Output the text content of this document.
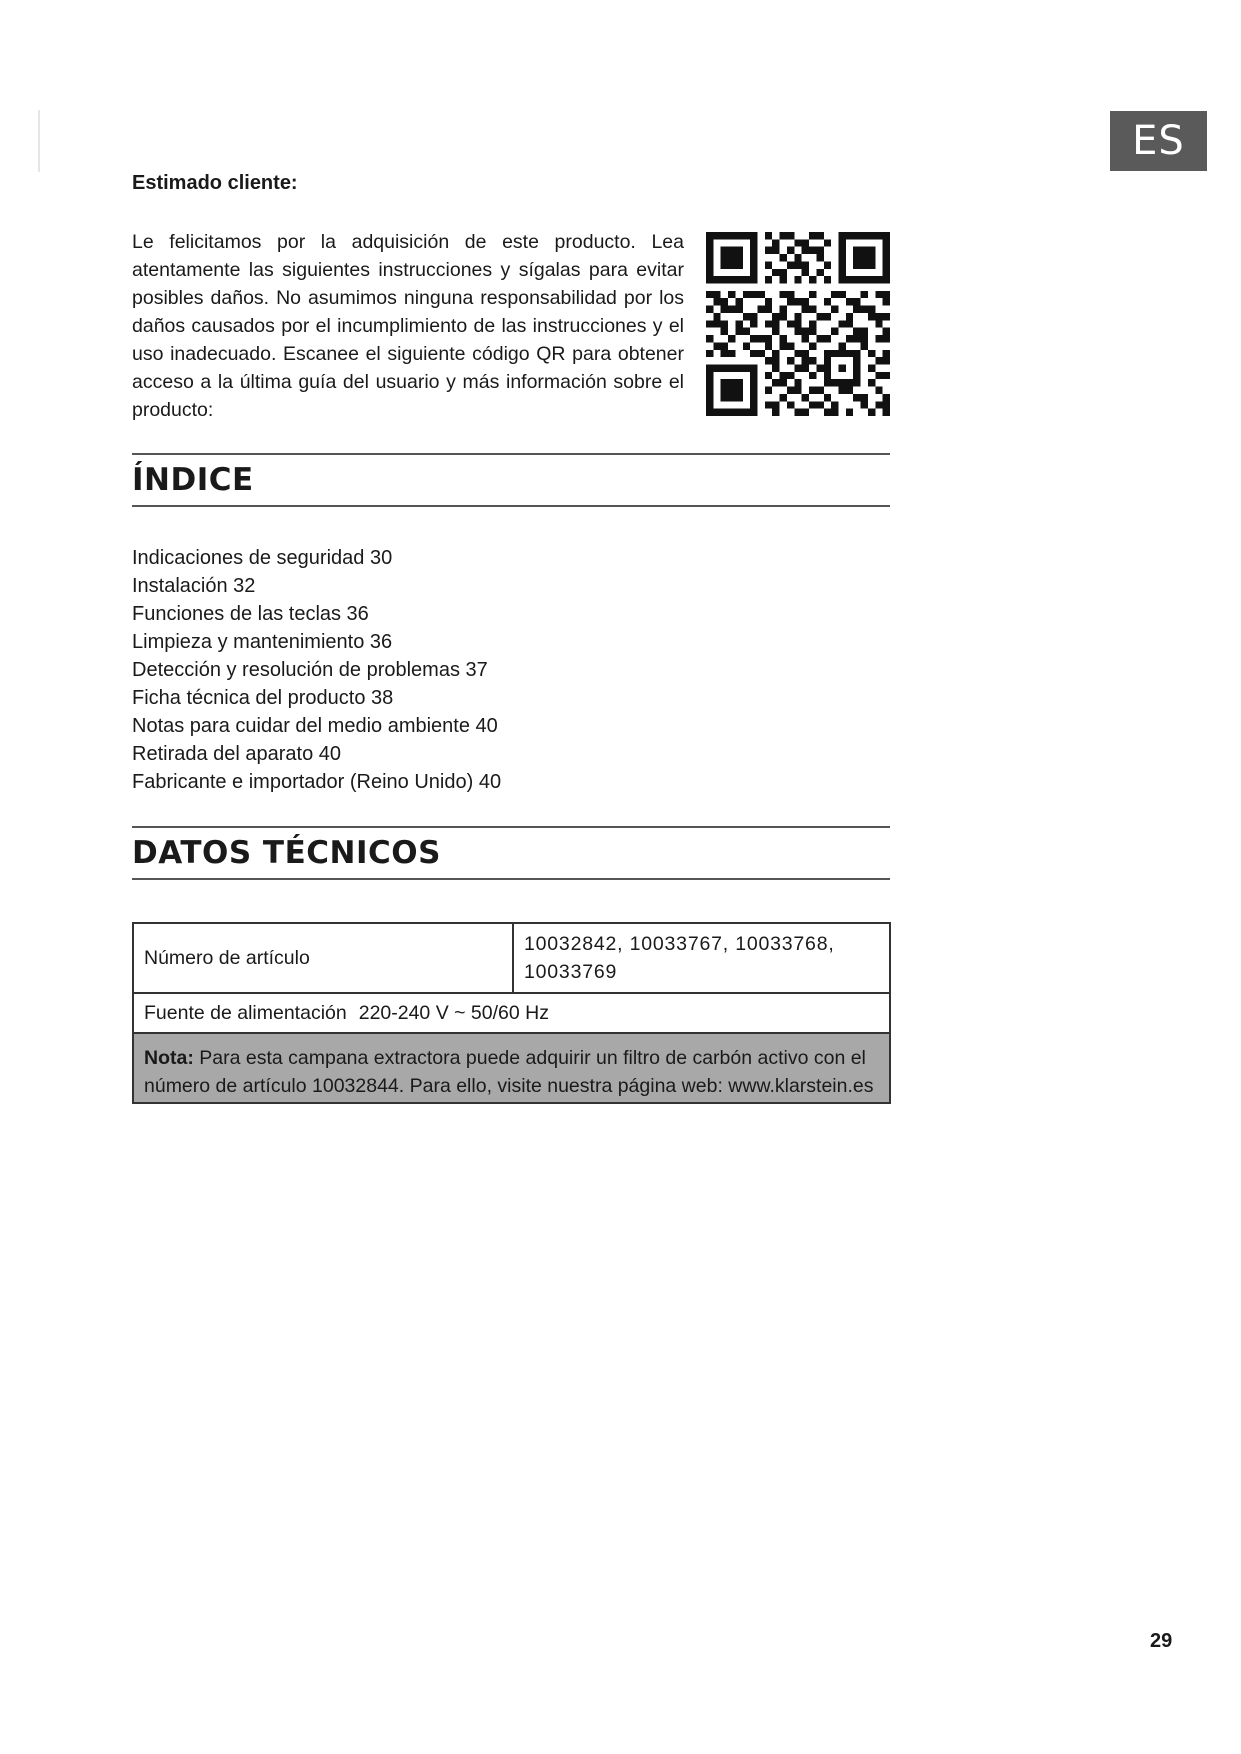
ES
Estimado cliente:

Le felicitamos por la adquisición de este producto. Lea atentamente las siguientes instrucciones y sígalas para evitar posibles daños. No asumimos ninguna responsabilidad por los daños causados por el incumplimiento de las instrucciones y el uso inadecuado. Escanee el siguiente código QR para obtener acceso a la última guía del usuario y más información sobre el producto:

ÍNDICE
Indicaciones de seguridad 30
Instalación 32
Funciones de las teclas 36
Limpieza y mantenimiento 36
Detección y resolución de problemas 37
Ficha técnica del producto 38
Notas para cuidar del medio ambiente 40
Retirada del aparato 40
Fabricante e importador (Reino Unido) 40
DATOS TÉCNICOS
Número de artículo	10032842, 10033767, 10033768, 10033769
Fuente de alimentación 220-240 V ~ 50/60 Hz
Nota: Para esta campana extractora puede adquirir un filtro de carbón activo con el número de artículo 10032844. Para ello, visite nuestra página web: www.klarstein.es
29
